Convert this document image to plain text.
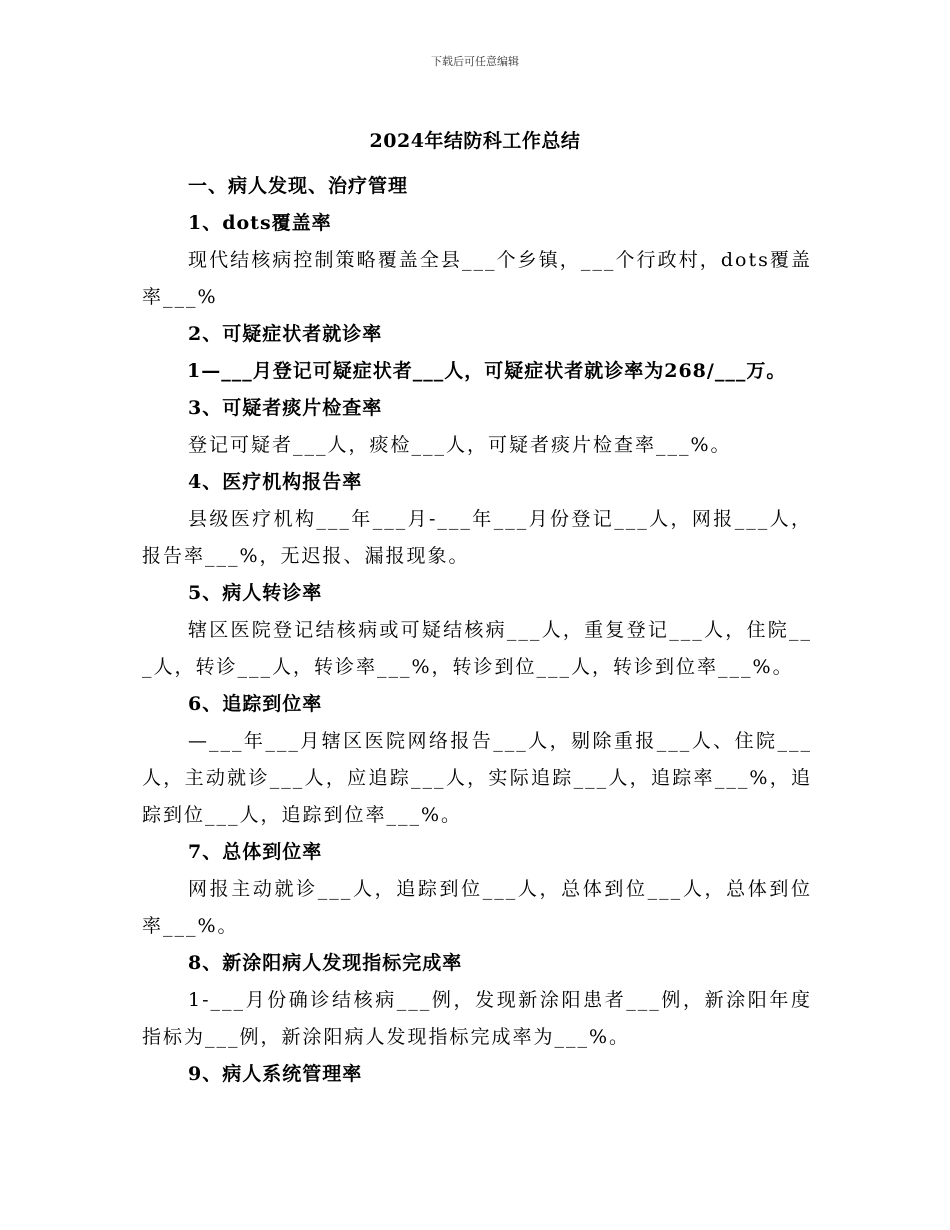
下载后可任意编辑
2024年结防科工作总结
一、病人发现、治疗管理
1、dots覆盖率
现代结核病控制策略覆盖全县___个乡镇，___个行政村，dots覆盖率___%
2、可疑症状者就诊率
1—___月登记可疑症状者___人，可疑症状者就诊率为268/___万。
3、可疑者痰片检查率
登记可疑者___人，痰检___人，可疑者痰片检查率___%。
4、医疗机构报告率
县级医疗机构___年___月-___年___月份登记___人，网报___人，报告率___%，无迟报、漏报现象。
5、病人转诊率
辖区医院登记结核病或可疑结核病___人，重复登记___人，住院___人，转诊___人，转诊率___%，转诊到位___人，转诊到位率___%。
6、追踪到位率
—___年___月辖区医院网络报告___人，剔除重报___人、住院___人，主动就诊___人，应追踪___人，实际追踪___人，追踪率___%，追踪到位___人，追踪到位率___%。
7、总体到位率
网报主动就诊___人，追踪到位___人，总体到位___人，总体到位率___%。
8、新涂阳病人发现指标完成率
1-___月份确诊结核病___例，发现新涂阳患者___例，新涂阳年度指标为___例，新涂阳病人发现指标完成率为___%。
9、病人系统管理率
